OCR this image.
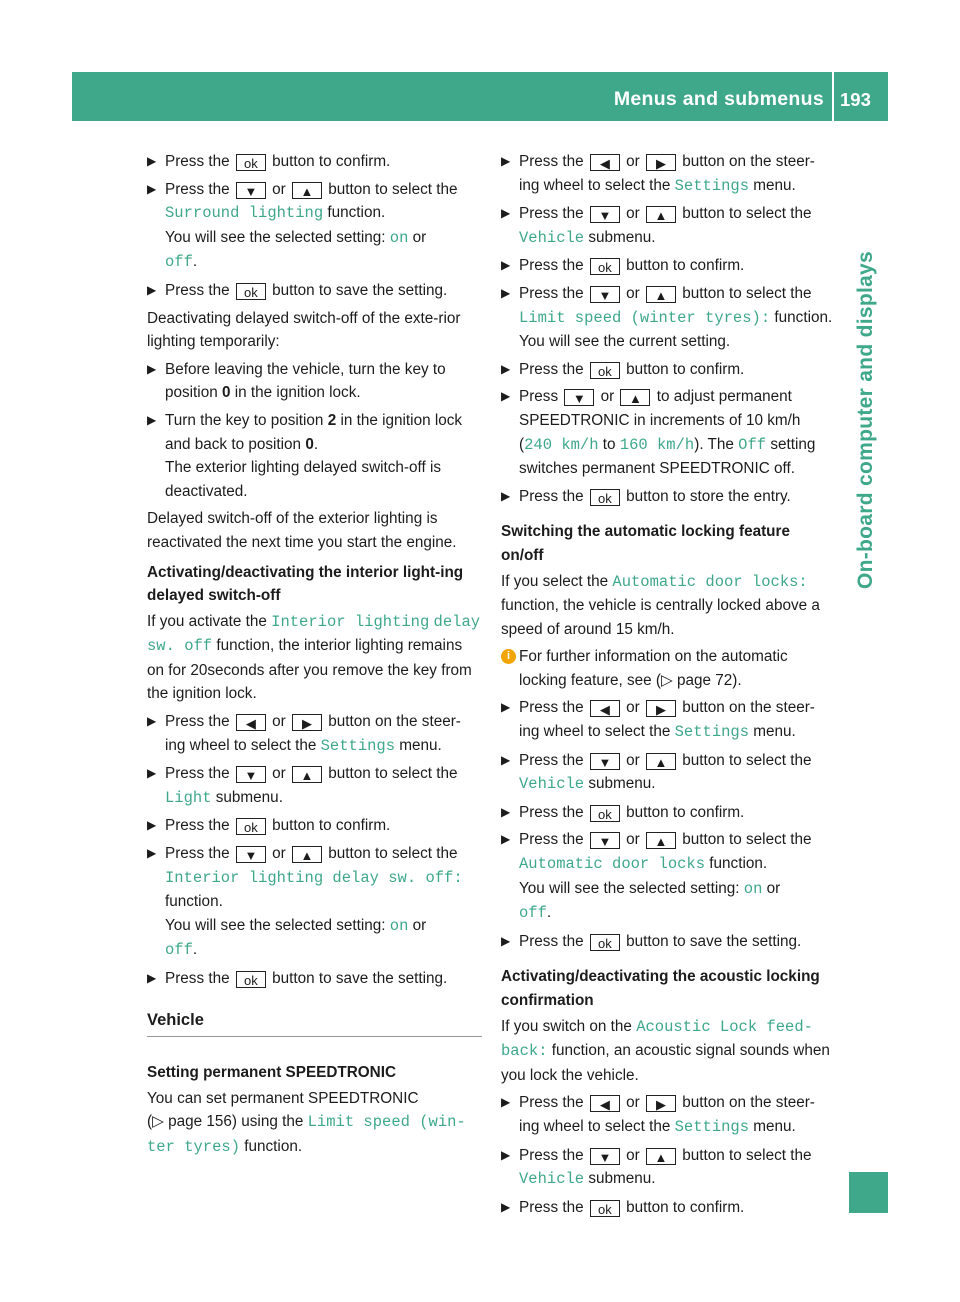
Menus and submenus 193
On-board computer and displays
▶ Press the ok button to confirm.
▶ Press the ▼ or ▲ button to select the
Surround lighting function.
You will see the selected setting: on or
off.
▶ Press the ok button to save the setting.
Deactivating delayed switch-off of the exte-rior lighting temporarily:
▶ Before leaving the vehicle, turn the key to position 0 in the ignition lock.
▶ Turn the key to position 2 in the ignition lock and back to position 0.
The exterior lighting delayed switch-off is deactivated.
Delayed switch-off of the exterior lighting is reactivated the next time you start the engine.
Activating/deactivating the interior light-ing delayed switch-off
If you activate the Interior lighting delay sw. off function, the interior lighting remains on for 20seconds after you remove the key from the ignition lock.
▶ Press the ◀ or ▶ button on the steer-
ing wheel to select the Settings menu.
▶ Press the ▼ or ▲ button to select the
Light submenu.
▶ Press the ok button to confirm.
▶ Press the ▼ or ▲ button to select the
Interior lighting delay sw. off:
function.
You will see the selected setting: on or
off.
▶ Press the ok button to save the setting.
Vehicle
Setting permanent SPEEDTRONIC
You can set permanent SPEEDTRONIC
(▷ page 156) using the Limit speed (win‑
ter tyres) function.
▶ Press the ◀ or ▶ button on the steer-
ing wheel to select the Settings menu.
▶ Press the ▼ or ▲ button to select the
Vehicle submenu.
▶ Press the ok button to confirm.
▶ Press the ▼ or ▲ button to select the
Limit speed (winter tyres): function.
You will see the current setting.
▶ Press the ok button to confirm.
▶ Press ▼ or ▲ to adjust permanent SPEEDTRONIC in increments of 10 km/h
(240 km/h to 160 km/h). The Off setting switches permanent SPEEDTRONIC off.
▶ Press the ok button to store the entry.
Switching the automatic locking feature on/off
If you select the Automatic door locks: function, the vehicle is centrally locked above a speed of around 15 km/h.
i For further information on the automatic locking feature, see (▷ page 72).
▶ Press the ◀ or ▶ button on the steer-
ing wheel to select the Settings menu.
▶ Press the ▼ or ▲ button to select the
Vehicle submenu.
▶ Press the ok button to confirm.
▶ Press the ▼ or ▲ button to select the
Automatic door locks function.
You will see the selected setting: on or
off.
▶ Press the ok button to save the setting.
Activating/deactivating the acoustic locking confirmation
If you switch on the Acoustic Lock feed‑
back: function, an acoustic signal sounds when you lock the vehicle.
▶ Press the ◀ or ▶ button on the steer-
ing wheel to select the Settings menu.
▶ Press the ▼ or ▲ button to select the
Vehicle submenu.
▶ Press the ok button to confirm.
